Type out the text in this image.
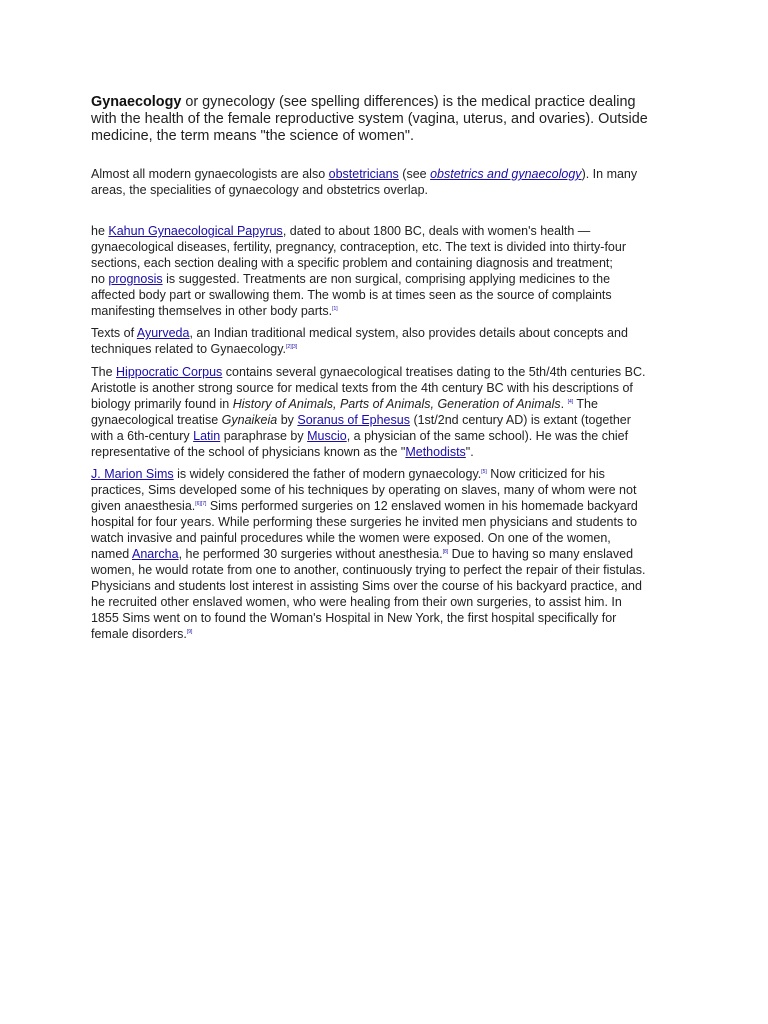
Gynaecology or gynecology (see spelling differences) is the medical practice dealing
with the health of the female reproductive system (vagina, uterus, and ovaries). Outside
medicine, the term means "the science of women".

Almost all modern gynaecologists are also obstetricians (see obstetrics and gynaecology). In many
areas, the specialities of gynaecology and obstetrics overlap.

he Kahun Gynaecological Papyrus, dated to about 1800 BC, deals with women's health —
gynaecological diseases, fertility, pregnancy, contraception, etc. The text is divided into thirty-four
sections, each section dealing with a specific problem and containing diagnosis and treatment;
no prognosis is suggested. Treatments are non surgical, comprising applying medicines to the
affected body part or swallowing them. The womb is at times seen as the source of complaints
manifesting themselves in other body parts.[1]

Texts of Ayurveda, an Indian traditional medical system, also provides details about concepts and
techniques related to Gynaecology.[2][3]

The Hippocratic Corpus contains several gynaecological treatises dating to the 5th/4th centuries BC.
Aristotle is another strong source for medical texts from the 4th century BC with his descriptions of
biology primarily found in History of Animals, Parts of Animals, Generation of Animals. [4] The
gynaecological treatise Gynaikeia by Soranus of Ephesus (1st/2nd century AD) is extant (together
with a 6th-century Latin paraphrase by Muscio, a physician of the same school). He was the chief
representative of the school of physicians known as the "Methodists".

J. Marion Sims is widely considered the father of modern gynaecology.[5] Now criticized for his
practices, Sims developed some of his techniques by operating on slaves, many of whom were not
given anaesthesia.[6][7] Sims performed surgeries on 12 enslaved women in his homemade backyard
hospital for four years. While performing these surgeries he invited men physicians and students to
watch invasive and painful procedures while the women were exposed. On one of the women,
named Anarcha, he performed 30 surgeries without anesthesia.[8] Due to having so many enslaved
women, he would rotate from one to another, continuously trying to perfect the repair of their fistulas.
Physicians and students lost interest in assisting Sims over the course of his backyard practice, and
he recruited other enslaved women, who were healing from their own surgeries, to assist him. In
1855 Sims went on to found the Woman's Hospital in New York, the first hospital specifically for
female disorders.[9]
